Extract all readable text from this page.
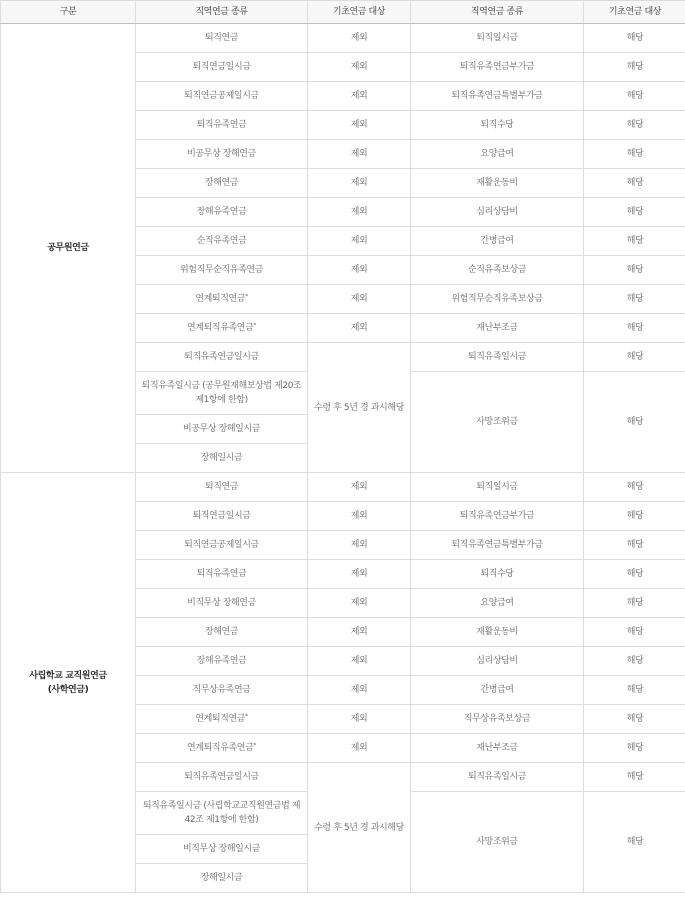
구분	직역연금 종류	기초연금 대상	직역연금 종류	기초연금 대상
공무원연금	퇴직연금	제외	퇴직일시금	해당
	퇴직연금일시금	제외	퇴직유족연금부가금	해당
	퇴직연금공제일시금	제외	퇴직유족연금특별부가금	해당
	퇴직유족연금	제외	퇴직수당	해당
	비공무상 장해연금	제외	요양급여	해당
	장해연금	제외	재활운동비	해당
	장해유족연금	제외	심리상담비	해당
	순직유족연금	제외	간병급여	해당
	위험직무순직유족연금	제외	순직유족보상금	해당
	연계퇴직연금*	제외	위험직무순직유족보상금	해당
	연계퇴직유족연금*	제외	재난부조금	해당
	퇴직유족연금일시금	수령 후 5년 경 과시해당	퇴직유족일시금	해당
	퇴직유족일시금 (공무원재해보상법 제20조 제1항에 한함)		사망조위금	해당
	비공무상 장해일시금			
	장해일시금			
사립학교 교직원연금
(사학연금)	퇴직연금	제외	퇴직일시금	해당
	퇴직연금일시금	제외	퇴직유족연금부가금	해당
	퇴직연금공제일시금	제외	퇴직유족연금특별부가금	해당
	퇴직유족연금	제외	퇴직수당	해당
	비직무상 장해연금	제외	요양급여	해당
	장해연금	제외	재활운동비	해당
	장해유족연금	제외	심리상담비	해당
	직무상유족연금	제외	간병급여	해당
	연계퇴직연금*	제외	직무상유족보상금	해당
	연계퇴직유족연금*	제외	재난부조금	해당
	퇴직유족연금일시금	수령 후 5년 경 과시해당	퇴직유족일시금	해당
	퇴직유족일시금 (사립학교교직원연금법 제42조 제1항에 한함)		사망조위금	해당
	비직무상 장해일시금			
	장해일시금			
